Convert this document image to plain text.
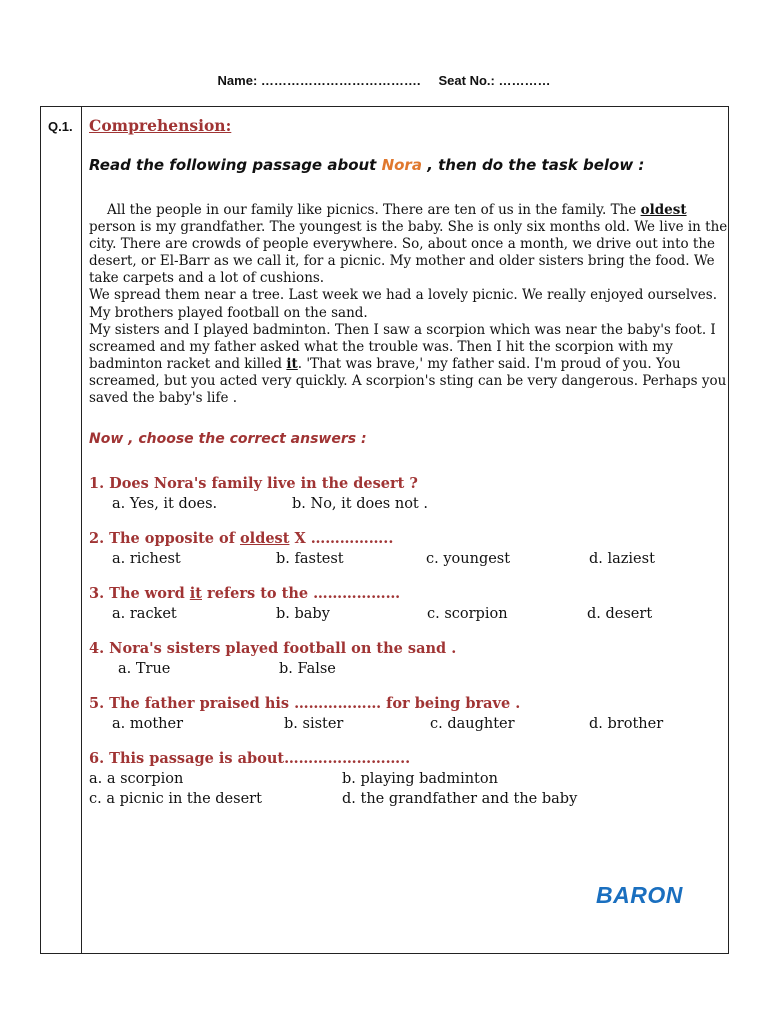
Name: ………………………………. Seat No.: …………
Q.1. Comprehension:
Read the following passage about Nora , then do the task below :

All the people in our family like picnics. There are ten of us in the family. The oldest person is my grandfather. The youngest is the baby. She is only six months old. We live in the city. There are crowds of people everywhere. So, about once a month, we drive out into the desert, or El-Barr as we call it, for a picnic. My mother and older sisters bring the food. We take carpets and a lot of cushions.

We spread them near a tree. Last week we had a lovely picnic. We really enjoyed ourselves. My brothers played football on the sand.

My sisters and I played badminton. Then I saw a scorpion which was near the baby's foot. I screamed and my father asked what the trouble was. Then I hit the scorpion with my badminton racket and killed it. 'That was brave,' my father said. I'm proud of you. You screamed, but you acted very quickly. A scorpion's sting can be very dangerous. Perhaps you saved the baby's life .

Now , choose the correct answers :
1. Does Nora's family live in the desert ?
a. Yes, it does.	b. No, it does not .
2. The opposite of oldest X ……………..
a. richest	b. fastest	c. youngest	d. laziest
3. The word it refers to the ………………
a. racket	b. baby	c. scorpion	d. desert
4. Nora's sisters played football on the sand .
a. True	b. False
5. The father praised his ……………… for being brave .
a. mother	b. sister	c. daughter	d. brother
6. This passage is about……………………..
a. a scorpion	b. playing badminton
c. a picnic in the desert	d. the grandfather and the baby
BARON
